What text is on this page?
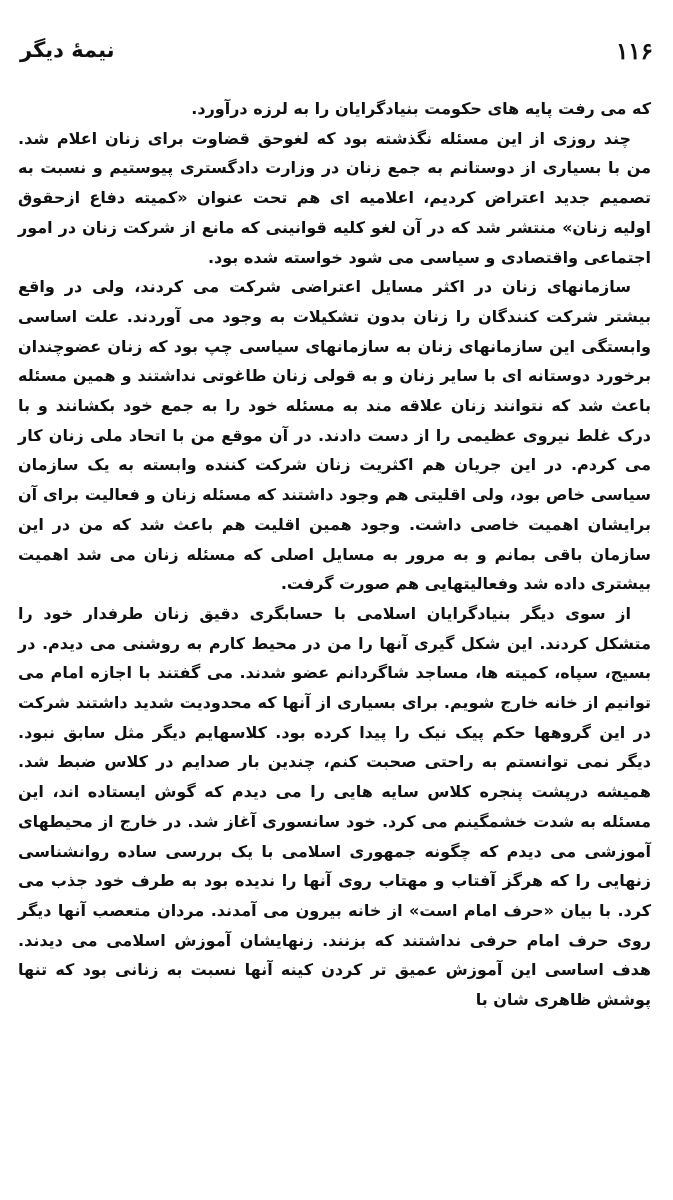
۱۱۶
نیمهٔ دیگر

که می رفت پایه های حکومت بنیادگرایان را به لرزه درآورد.

چند روزی از این مسئله نگذشته بود که لغوحق قضاوت برای زنان اعلام شد. من با بسیاری از دوستانم به جمع زنان در وزارت دادگستری پیوستیم و نسبت به تصمیم جدید اعتراض کردیم، اعلامیه ای هم تحت عنوان «کمیته دفاع ازحقوق اولیه زنان» منتشر شد که در آن لغو کلیه قوانینی که مانع از شرکت زنان در امور اجتماعی واقتصادی و سیاسی می شود خواسته شده بود.

سازمانهای زنان در اکثر مسایل اعتراضی شرکت می کردند، ولی در واقع بیشتر شرکت کنندگان را زنان بدون تشکیلات به وجود می آوردند. علت اساسی وابستگی این سازمانهای زنان به سازمانهای سیاسی چپ بود که زنان عضوچندان برخورد دوستانه ای با سایر زنان و به قولی زنان طاغوتی نداشتند و همین مسئله باعث شد که نتوانند زنان علاقه مند به مسئله خود را به جمع خود بکشانند و با درک غلط نیروی عظیمی را از دست دادند. در آن موقع من با اتحاد ملی زنان کار می کردم. در این جریان هم اکثریت زنان شرکت کننده وابسته به یک سازمان سیاسی خاص بود، ولی اقلیتی هم وجود داشتند که مسئله زنان و فعالیت برای آن برایشان اهمیت خاصی داشت. وجود همین اقلیت هم باعث شد که من در این سازمان باقی بمانم و به مرور به مسایل اصلی که مسئله زنان می شد اهمیت بیشتری داده شد وفعالیتهایی هم صورت گرفت.

از سوی دیگر بنیادگرایان اسلامی با حسابگری دقیق زنان طرفدار خود را متشکل کردند. این شکل گیری آنها را من در محیط کارم به روشنی می دیدم. در بسیج، سپاه، کمیته ها، مساجد شاگردانم عضو شدند. می گفتند با اجازه امام می توانیم از خانه خارج شویم. برای بسیاری از آنها که محدودیت شدید داشتند شرکت در این گروهها حکم پیک نیک را پیدا کرده بود. کلاسهایم دیگر مثل سابق نبود. دیگر نمی توانستم به راحتی صحبت کنم، چندین بار صدایم در کلاس ضبط شد. همیشه درپشت پنجره کلاس سایه هایی را می دیدم که گوش ایستاده اند، این مسئله به شدت خشمگینم می کرد. خود سانسوری آغاز شد. در خارج از محیطهای آموزشی می دیدم که چگونه جمهوری اسلامی با یک بررسی ساده روانشناسی زنهایی را که هرگز آفتاب و مهتاب روی آنها را ندیده بود به طرف خود جذب می کرد. با بیان «حرف امام است» از خانه بیرون می آمدند. مردان متعصب آنها دیگر روی حرف امام حرفی نداشتند که بزنند. زنهایشان آموزش اسلامی می دیدند. هدف اساسی این آموزش عمیق تر کردن کینه آنها نسبت به زنانی بود که تنها پوشش ظاهری شان با
